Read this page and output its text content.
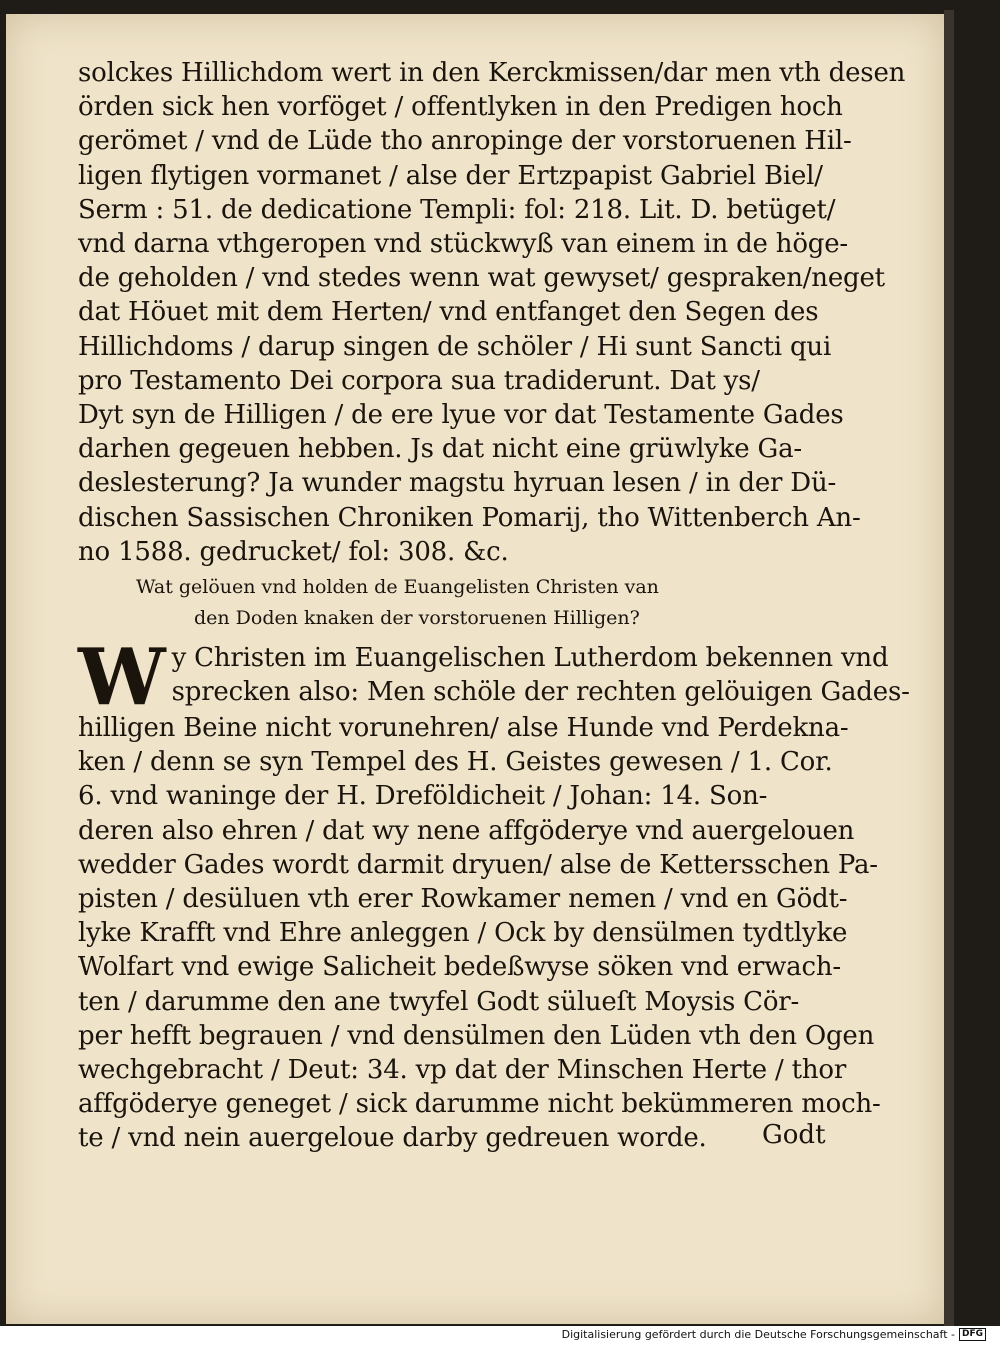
solckes Hillichdom wert in den Kerckmissen/dar men vth desen
örden sick hen vorföget / offentlyken in den Predigen hoch
gerömet / vnd de Lüde tho anropinge der vorstoruenen Hil-
ligen flytigen vormanet / alse der Ertzpapist Gabriel Biel/
Serm : 51. de dedicatione Templi: fol: 218. Lit. D. betüget/
vnd darna vthgeropen vnd stückwyß van einem in de höge-
de geholden / vnd stedes wenn wat gewyset/ gespraken/neget
dat Höuet mit dem Herten/ vnd entfanget den Segen des
Hillichdoms / darup singen de schöler / Hi sunt Sancti qui
pro Testamento Dei corpora sua tradiderunt. Dat ys/
Dyt syn de Hilligen / de ere lyue vor dat Testamente Gades
darhen gegeuen hebben. Js dat nicht eine grüwlyke Ga-
deslesterung? Ja wunder magstu hyruan lesen / in der Dü-
dischen Sassischen Chroniken Pomarij, tho Wittenberch An-
no 1588. gedrucket/ fol: 308. &c.
Wat gelöuen vnd holden de Euangelisten Christen van
den Doden knaken der vorstoruenen Hilligen?
W y Christen im Euangelischen Lutherdom bekennen vnd
sprecken also: Men schöle der rechten gelöuigen Gades-
hilligen Beine nicht vorunehren/ alse Hunde vnd Perdekna-
ken / denn se syn Tempel des H. Geistes gewesen / 1. Cor.
6. vnd waninge der H. Dreföldicheit / Johan: 14. Son-
deren also ehren / dat wy nene affgöderye vnd auergelouen
wedder Gades wordt darmit dryuen/ alse de Kettersschen Pa-
pisten / desüluen vth erer Rowkamer nemen / vnd en Gödt-
lyke Krafft vnd Ehre anleggen / Ock by densülmen tydtlyke
Wolfart vnd ewige Salicheit bedeßwyse söken vnd erwach-
ten / darumme den ane twyfel Godt sülueſt Moysis Cör-
per hefft begrauen / vnd densülmen den Lüden vth den Ogen
wechgebracht / Deut: 34. vp dat der Minschen Herte / thor
affgöderye geneget / sick darumme nicht bekümmeren moch-
te / vnd nein auergeloue darby gedreuen worde.	Godt
Digitalisierung gefördert durch die Deutsche Forschungsgemeinschaft - DFG
